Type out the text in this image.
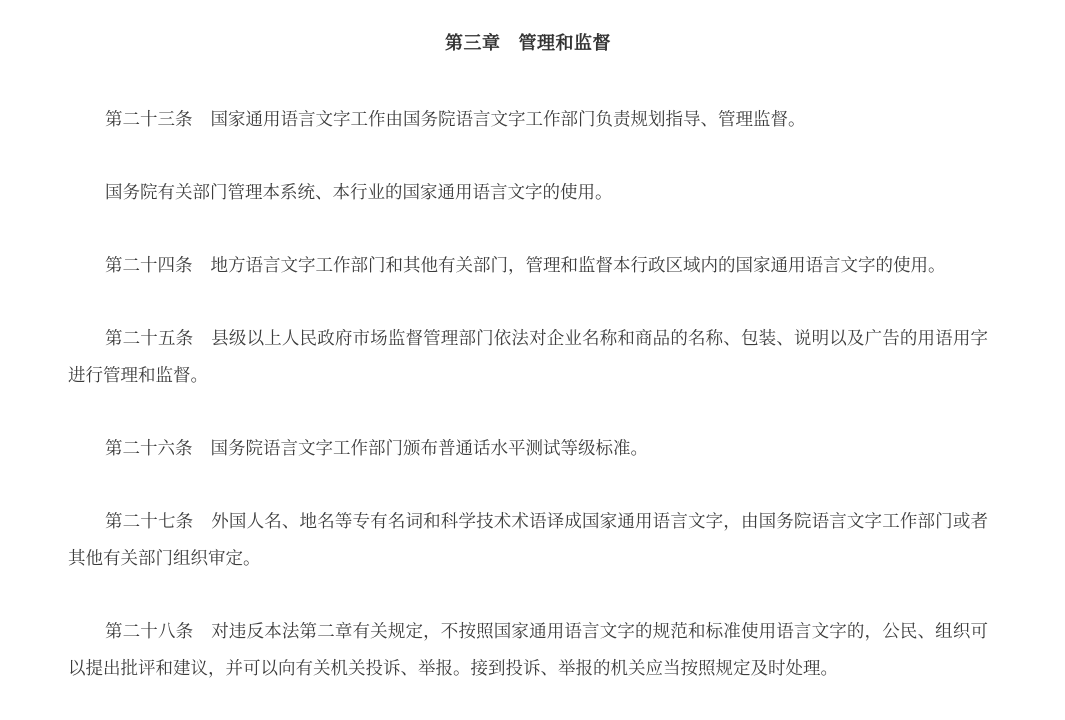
第三章 管理和监督

第二十三条 国家通用语言文字工作由国务院语言文字工作部门负责规划指导、管理监督。

国务院有关部门管理本系统、本行业的国家通用语言文字的使用。

第二十四条 地方语言文字工作部门和其他有关部门，管理和监督本行政区域内的国家通用语言文字的使用。

第二十五条 县级以上人民政府市场监督管理部门依法对企业名称和商品的名称、包装、说明以及广告的用语用字进行管理和监督。

第二十六条 国务院语言文字工作部门颁布普通话水平测试等级标准。

第二十七条 外国人名、地名等专有名词和科学技术术语译成国家通用语言文字，由国务院语言文字工作部门或者其他有关部门组织审定。

第二十八条 对违反本法第二章有关规定，不按照国家通用语言文字的规范和标准使用语言文字的，公民、组织可以提出批评和建议，并可以向有关机关投诉、举报。接到投诉、举报的机关应当按照规定及时处理。
